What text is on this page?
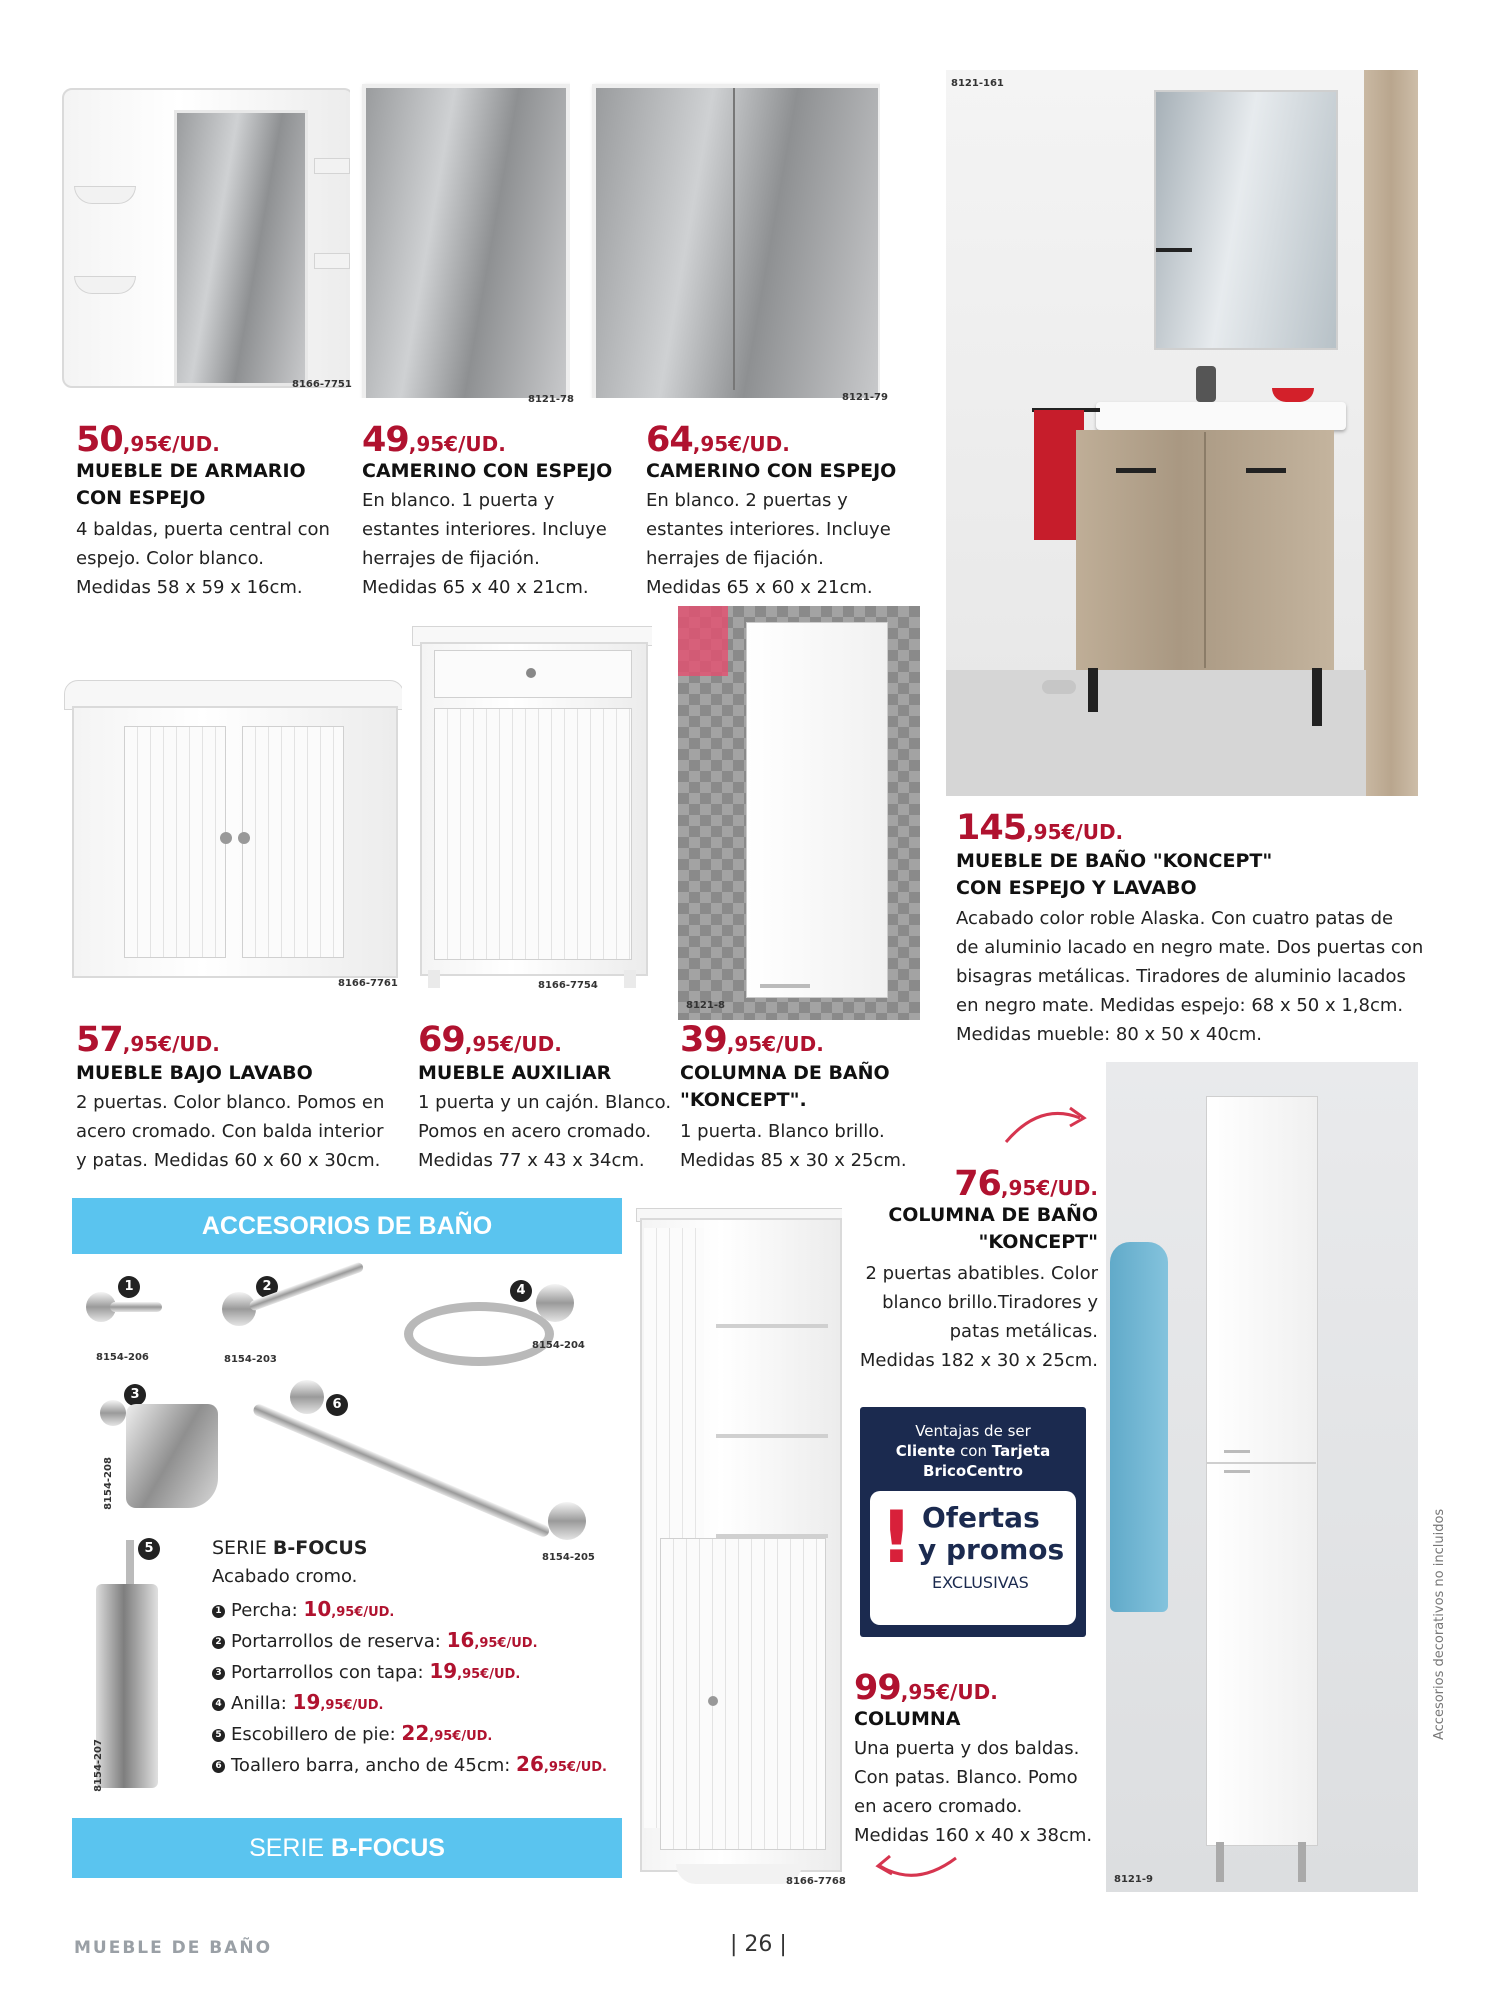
8166-7751
8121-78	8121-79
8121-161
50,95€/UD.
MUEBLE DE ARMARIO
CON ESPEJO
4 baldas, puerta central con
espejo. Color blanco.
Medidas 58 x 59 x 16cm.
49,95€/UD.
CAMERINO CON ESPEJO
En blanco. 1 puerta y
estantes interiores. Incluye
herrajes de fijación.
Medidas 65 x 40 x 21cm.
64,95€/UD.
CAMERINO CON ESPEJO
En blanco. 2 puertas y
estantes interiores. Incluye
herrajes de fijación.
Medidas 65 x 60 x 21cm.
145,95€/UD.
MUEBLE DE BAÑO "KONCEPT"
CON ESPEJO Y LAVABO
Acabado color roble Alaska. Con cuatro patas de
de aluminio lacado en negro mate. Dos puertas con
bisagras metálicas. Tiradores de aluminio lacados
en negro mate. Medidas espejo: 68 x 50 x 1,8cm.
Medidas mueble: 80 x 50 x 40cm.
8166-7761	8166-7754
8121-8
57,95€/UD.
MUEBLE BAJO LAVABO
2 puertas. Color blanco. Pomos en
acero cromado. Con balda interior
y patas. Medidas 60 x 60 x 30cm.
69,95€/UD.
MUEBLE AUXILIAR
1 puerta y un cajón. Blanco.
Pomos en acero cromado.
Medidas 77 x 43 x 34cm.
39,95€/UD.
COLUMNA DE BAÑO
"KONCEPT".
1 puerta. Blanco brillo.
Medidas 85 x 30 x 25cm.
8121-9
76,95€/UD.
COLUMNA DE BAÑO
"KONCEPT"
2 puertas abatibles. Color
blanco brillo.Tiradores y
patas metálicas.
Medidas 182 x 30 x 25cm.
8166-7768
Ventajas de ser
Cliente con Tarjeta
BricoCentro
! Ofertas
y promos
EXCLUSIVAS
99,95€/UD.
COLUMNA
Una puerta y dos baldas.
Con patas. Blanco. Pomo
en acero cromado.
Medidas 160 x 40 x 38cm.
ACCESORIOS DE BAÑO
1
8154-206
2
8154-203
4
8154-204
3
8154-208
6
8154-205
5
8154-207
SERIE B-FOCUS
Acabado cromo.
1 Percha: 10,95€/UD.
2 Portarrollos de reserva: 16,95€/UD.
3 Portarrollos con tapa: 19,95€/UD.
4 Anilla: 19,95€/UD.
5 Escobillero de pie: 22,95€/UD.
6 Toallero barra, ancho de 45cm: 26,95€/UD.
SERIE B-FOCUS
Accesorios decorativos no incluidos
MUEBLE DE BAÑO	| 26 |
